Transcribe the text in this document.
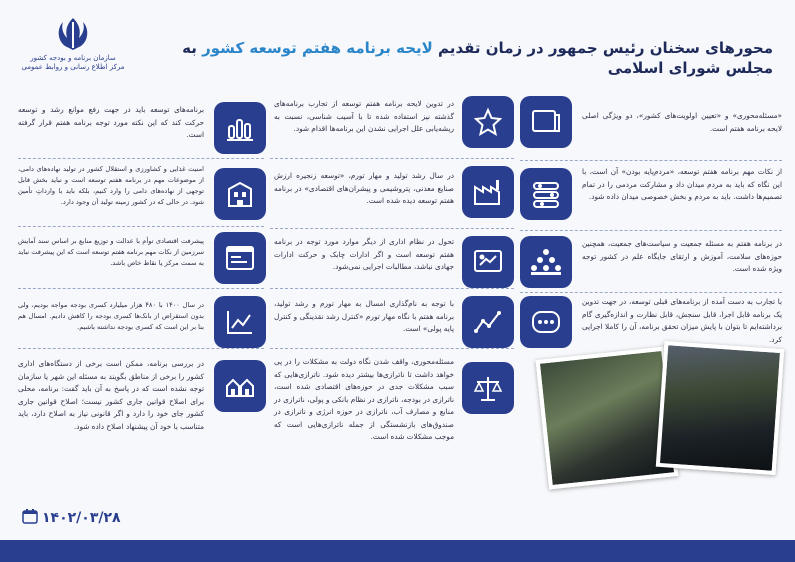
سازمان برنامه و بودجه کشور
مرکز اطلاع رسانی و روابط عمومی
محورهای سخنان رئیس جمهور در زمان تقدیم لایحه برنامه هفتم توسعه کشور به مجلس شورای اسلامی
«مسئله‌محوری» و «تعیین اولویت‌های کشور»، دو ویژگی اصلی لایحه برنامه هفتم است.
از نکات مهم برنامه هفتم توسعه، «مردم‌پایه بودن» آن است، با این نگاه که باید به مردم میدان داد و مشارکت مردمی را در تمام تصمیم‌ها داشت. باید به مردم و بخش خصوصی میدان داده شود.
در برنامه هفتم به مسئله جمعیت و سیاست‌های جمعیت، همچنین حوزه‌های سلامت، آموزش و ارتقای جایگاه علم در کشور توجه ویژه‌ شده است.
با تجارب به دست آمده از برنامه‌های قبلی توسعه، در جهت تدوین یک برنامه قابل اجرا، قابل سنجش، قابل نظارت و اندازه‌گیری گام برداشته‌ایم تا بتوان با پایش میزان تحقق برنامه، آن را کاملا اجرایی کرد.
در تدوین لایحه برنامه هفتم توسعه از تجارب برنامه‌های گذشته نیز استفاده شده تا با آسیب شناسی، نسبت به ریشه‌یابی علل اجرایی نشدن این برنامه‌ها اقدام شود.
در سال رشد تولید و مهار تورم، «توسعه زنجیره ارزش صنایع معدنی، پتروشیمی و پیشران‌های اقتصادی» در برنامه هفتم توسعه دیده شده است.
تحول در نظام اداری از دیگر موارد مورد توجه در برنامه هفتم توسعه است و اگر ادارات چابک و حرکت ادارات جهادی نباشد، مطالبات اجرایی نمی‌شود.
با توجه به نام‌گذاری امسال به مهار تورم و رشد تولید، برنامه هفتم با نگاه مهار تورم «کنترل رشد نقدینگی و کنترل پایه پولی» است.
مسئله‌محوری، واقف شدن نگاه دولت به مشکلات را در پی خواهد داشت تا ناترازی‌ها بیشتر دیده شود. ناترازی‌هایی که سبب مشکلات جدی در حوزه‌های اقتصادی شده است، ناترازی در بودجه، ناترازی در نظام بانکی و پولی، ناترازی در منابع و مصارف آب، ناترازی در حوزه انرژی و ناترازی در صندوق‌های بازنشستگی از جمله ناترازی‌هایی است که موجب مشکلات شده است.
برنامه‌های توسعه باید در جهت رفع موانع رشد و توسعه حرکت کند که این نکته مورد توجه برنامه هفتم قرار گرفته است.
امنیت غذایی و کشاورزی و استقلال کشور در تولید نهاده‌های دامی، از موضوعات مهم در برنامه هفتم توسعه است و نباید بخش قابل توجهی از نهاده‌های دامی را وارد کنیم، بلکه باید با وارداتِ تأمین شود. در حالی که در کشور زمینه تولید آن وجود دارد.
پیشرفت اقتصادی توأم با عدالت و توزیع منابع بر اساس سند آمایش سرزمین از نکات مهم برنامه هفتم توسعه است که این پیشرفت نباید به سمت مرکز یا نقاط خاص باشد.
در سال ۱۴۰۰ با ۴۸۰ هزار میلیارد کسری بودجه مواجه بودیم، ولی بدون استقراض از بانک‌ها کسری بودجه را کاهش دادیم. امسال هم بنا بر این است که کسری بودجه نداشته باشیم.
در بررسی برنامه، ممکن است برخی از دستگاه‌های اداری کشور را برخی از مناطق بگویند به مسئله این شهر یا سازمان توجه نشده است که در پاسخ به آن باید گفت: برنامه، محلی برای اصلاح قوانین جاری کشور نیست؛ اصلاح قوانین جاری کشور جای خود را دارد و اگر قانونی نیاز به اصلاح دارد، باید متناسب با خود آن پیشنهاد اصلاح داده شود.
۱۴۰۲/۰۳/۲۸
